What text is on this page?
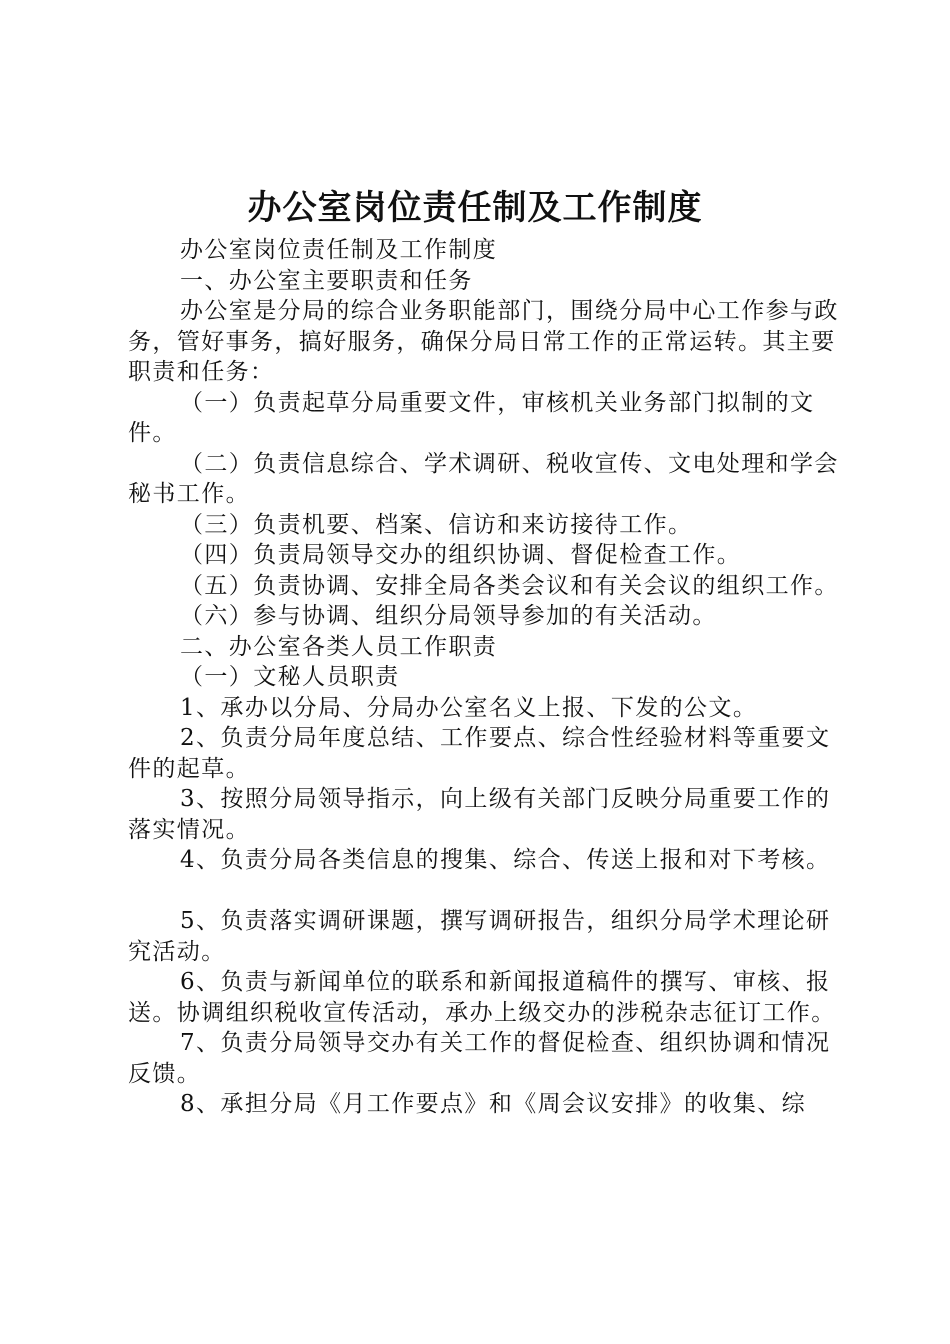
办公室岗位责任制及工作制度

办公室岗位责任制及工作制度

一、办公室主要职责和任务

办公室是分局的综合业务职能部门，围绕分局中心工作参与政务，管好事务，搞好服务，确保分局日常工作的正常运转。其主要职责和任务：

（一）负责起草分局重要文件，审核机关业务部门拟制的文件。

（二）负责信息综合、学术调研、税收宣传、文电处理和学会秘书工作。

（三）负责机要、档案、信访和来访接待工作。

（四）负责局领导交办的组织协调、督促检查工作。

（五）负责协调、安排全局各类会议和有关会议的组织工作。

（六）参与协调、组织分局领导参加的有关活动。

二、办公室各类人员工作职责

（一）文秘人员职责

1、承办以分局、分局办公室名义上报、下发的公文。

2、负责分局年度总结、工作要点、综合性经验材料等重要文件的起草。

3、按照分局领导指示，向上级有关部门反映分局重要工作的落实情况。

4、负责分局各类信息的搜集、综合、传送上报和对下考核。

5、负责落实调研课题，撰写调研报告，组织分局学术理论研究活动。

6、负责与新闻单位的联系和新闻报道稿件的撰写、审核、报送。协调组织税收宣传活动，承办上级交办的涉税杂志征订工作。

7、负责分局领导交办有关工作的督促检查、组织协调和情况反馈。

8、承担分局《月工作要点》和《周会议安排》的收集、综
